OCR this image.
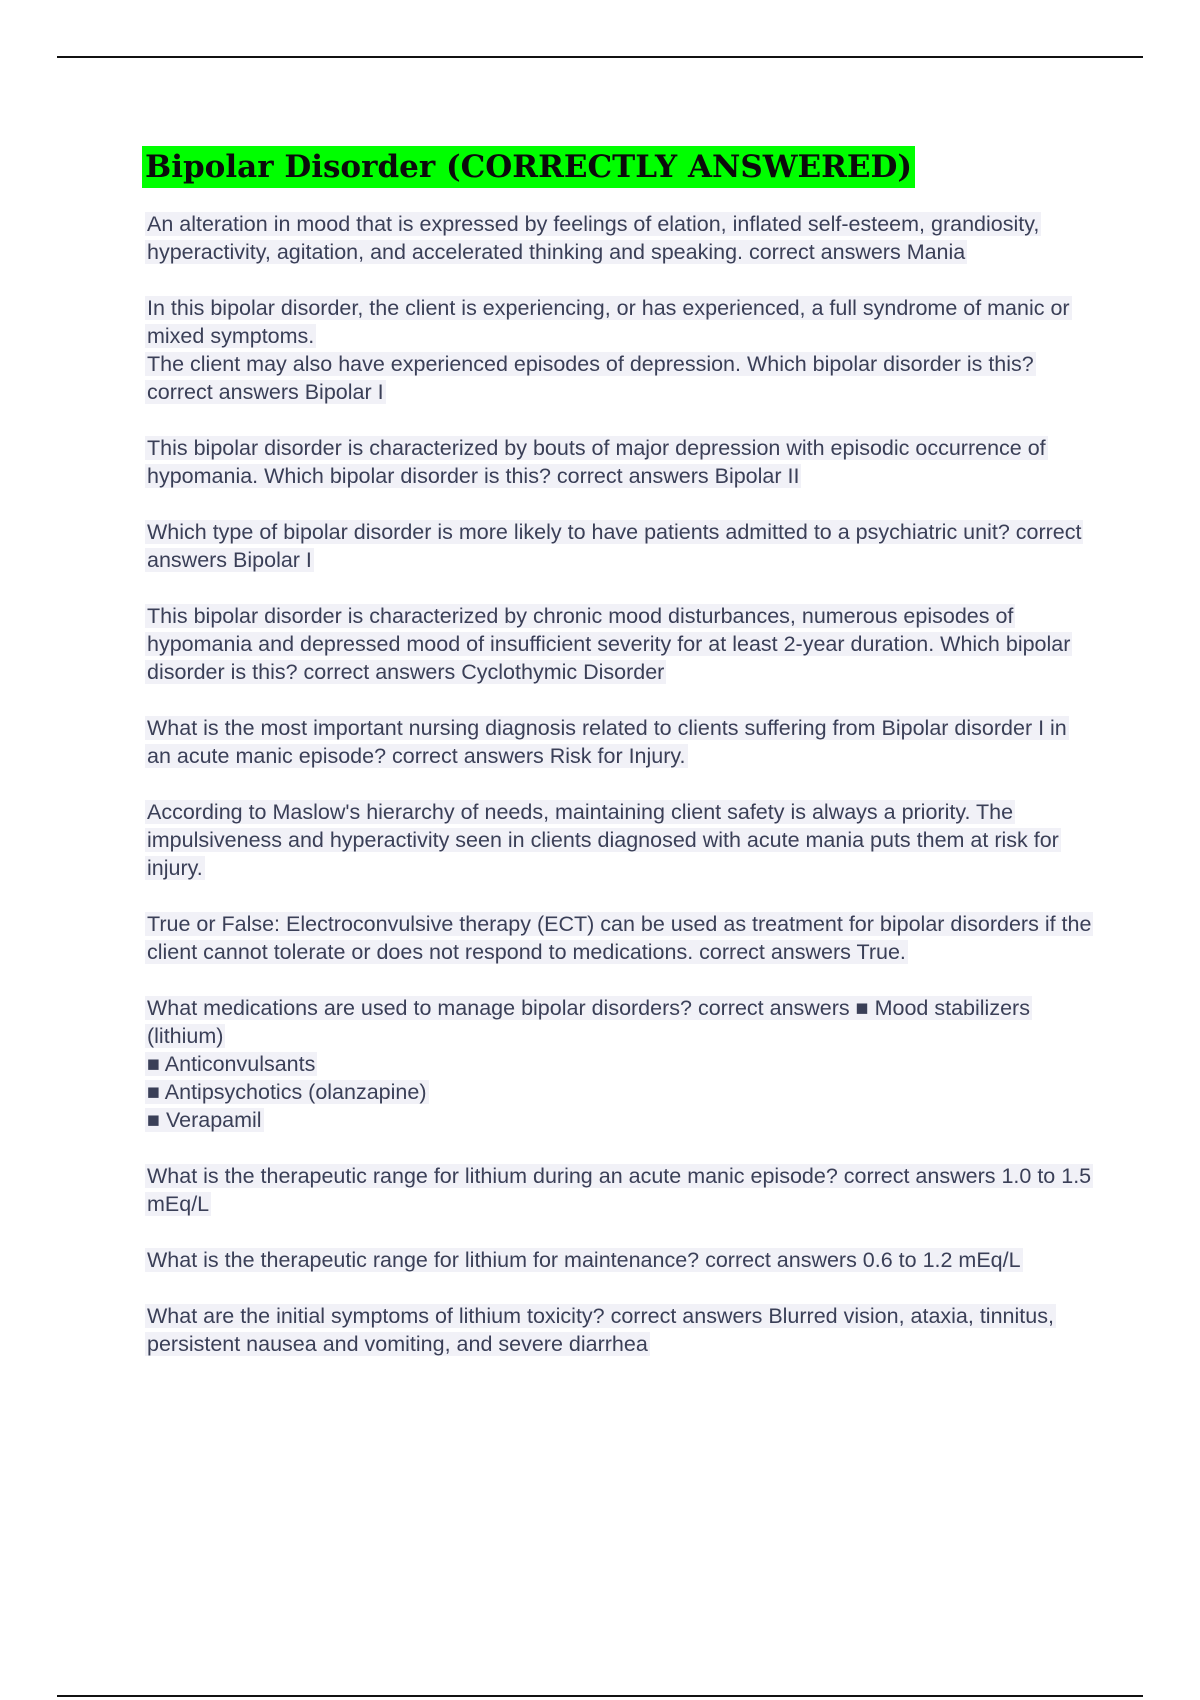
Bipolar Disorder (CORRECTLY ANSWERED)

An alteration in mood that is expressed by feelings of elation, inflated self-esteem, grandiosity, hyperactivity, agitation, and accelerated thinking and speaking. correct answers Mania

In this bipolar disorder, the client is experiencing, or has experienced, a full syndrome of manic or mixed symptoms.

The client may also have experienced episodes of depression. Which bipolar disorder is this? correct answers Bipolar I

This bipolar disorder is characterized by bouts of major depression with episodic occurrence of hypomania. Which bipolar disorder is this? correct answers Bipolar II

Which type of bipolar disorder is more likely to have patients admitted to a psychiatric unit? correct answers Bipolar I

This bipolar disorder is characterized by chronic mood disturbances, numerous episodes of hypomania and depressed mood of insufficient severity for at least 2-year duration. Which bipolar disorder is this? correct answers Cyclothymic Disorder

What is the most important nursing diagnosis related to clients suffering from Bipolar disorder I in an acute manic episode? correct answers Risk for Injury.

According to Maslow's hierarchy of needs, maintaining client safety is always a priority. The impulsiveness and hyperactivity seen in clients diagnosed with acute mania puts them at risk for injury.

True or False: Electroconvulsive therapy (ECT) can be used as treatment for bipolar disorders if the client cannot tolerate or does not respond to medications. correct answers True.

What medications are used to manage bipolar disorders? correct answers ■ Mood stabilizers (lithium)

■ Anticonvulsants

■ Antipsychotics (olanzapine)

■ Verapamil

What is the therapeutic range for lithium during an acute manic episode? correct answers 1.0 to 1.5 mEq/L

What is the therapeutic range for lithium for maintenance? correct answers 0.6 to 1.2 mEq/L

What are the initial symptoms of lithium toxicity? correct answers Blurred vision, ataxia, tinnitus, persistent nausea and vomiting, and severe diarrhea
